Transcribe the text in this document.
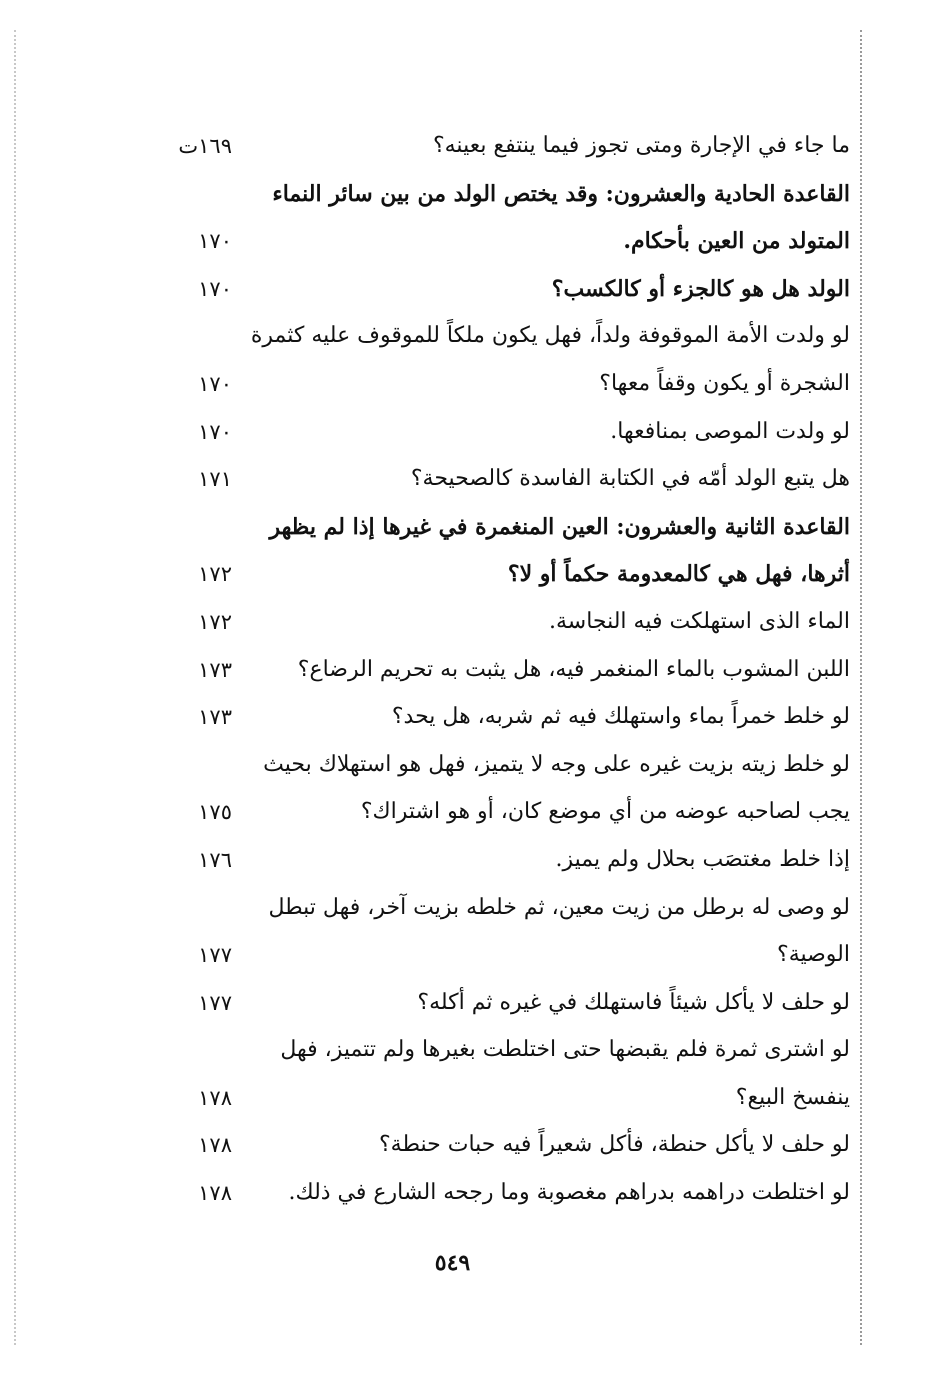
ما جاء في الإجارة ومتى تجوز فيما ينتفع بعينه؟
١٦٩ت
القاعدة الحادية والعشرون: وقد يختص الولد من بين سائر النماء
المتولد من العين بأحكام.
١٧٠
الولد هل هو كالجزء أو كالكسب؟
١٧٠
لو ولدت الأمة الموقوفة ولداً، فهل يكون ملكاً للموقوف عليه كثمرة
الشجرة أو يكون وقفاً معها؟
١٧٠
لو ولدت الموصى بمنافعها.
١٧٠
هل يتبع الولد أمّه في الكتابة الفاسدة كالصحيحة؟
١٧١
القاعدة الثانية والعشرون: العين المنغمرة في غيرها إذا لم يظهر
أثرها، فهل هي كالمعدومة حكماً أو لا؟
١٧٢
الماء الذى استهلكت فيه النجاسة.
١٧٢
اللبن المشوب بالماء المنغمر فيه، هل يثبت به تحريم الرضاع؟
١٧٣
لو خلط خمراً بماء واستهلك فيه ثم شربه، هل يحد؟
١٧٣
لو خلط زيته بزيت غيره على وجه لا يتميز، فهل هو استهلاك بحيث
يجب لصاحبه عوضه من أي موضع كان، أو هو اشتراك؟
١٧٥
إذا خلط مغتصَب بحلال ولم يميز.
١٧٦
لو وصى له برطل من زيت معين، ثم خلطه بزيت آخر، فهل تبطل
الوصية؟
١٧٧
لو حلف لا يأكل شيئاً فاستهلك في غيره ثم أكله؟
١٧٧
لو اشترى ثمرة فلم يقبضها حتى اختلطت بغيرها ولم تتميز، فهل
ينفسخ البيع؟
١٧٨
لو حلف لا يأكل حنطة، فأكل شعيراً فيه حبات حنطة؟
١٧٨
لو اختلطت دراهمه بدراهم مغصوبة وما رجحه الشارع في ذلك.
١٧٨
٥٤٩
